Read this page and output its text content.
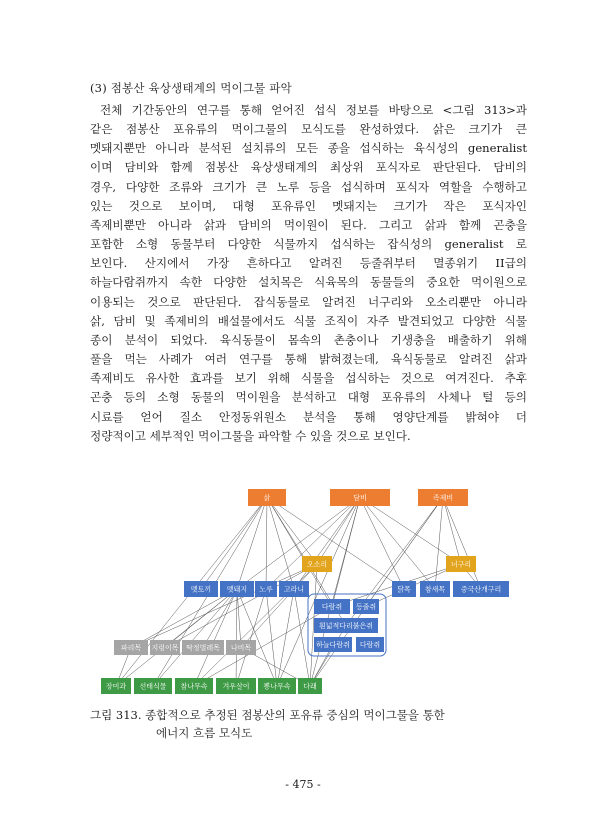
(3) 점봉산 육상생태계의 먹이그물 파악
전체 기간동안의 연구를 통해 얻어진 섭식 정보를 바탕으로 <그림 313>과
같은 점봉산 포유류의 먹이그물의 모식도를 완성하였다. 삵은 크기가 큰
멧돼지뿐만 아니라 분석된 설치류의 모든 종을 섭식하는 육식성의 generalist
이며 담비와 함께 점봉산 육상생태계의 최상위 포식자로 판단된다. 담비의
경우, 다양한 조류와 크기가 큰 노루 등을 섭식하며 포식자 역할을 수행하고
있는 것으로 보이며, 대형 포유류인 멧돼지는 크기가 작은 포식자인
족제비뿐만 아니라 삵과 담비의 먹이원이 된다. 그리고 삵과 함께 곤충을
포함한 소형 동물부터 다양한 식물까지 섭식하는 잡식성의 generalist 로
보인다. 산지에서 가장 흔하다고 알려진 등줄쥐부터 멸종위기 II급의
하늘다람쥐까지 속한 다양한 설치목은 식육목의 동물들의 중요한 먹이원으로
이용되는 것으로 판단된다. 잡식동물로 알려진 너구리와 오소리뿐만 아니라
삵, 담비 및 족제비의 배설물에서도 식물 조직이 자주 발견되었고 다양한 식물
종이 분석이 되었다. 육식동물이 몸속의 촌충이나 기생충을 배출하기 위해
풀을 먹는 사례가 여러 연구를 통해 밝혀졌는데, 육식동물로 알려진 삵과
족제비도 유사한 효과를 보기 위해 식물을 섭식하는 것으로 여겨진다. 추후
곤충 등의 소형 동물의 먹이원을 분석하고 대형 포유류의 사체나 털 등의
시료를 얻어 질소 안정동위원소 분석을 통해 영양단계를 밝혀야 더
정량적이고 세부적인 먹이그물을 파악할 수 있을 것으로 보인다.
삵	담비	족제비
오소리	너구리
멧토끼 멧돼지 노루 고라니	닭목 참새목 중국산개구리
다람쥐 등줄쥐
흰넓적다리붉은쥐
하늘다람쥐 다람쥐
파리목 지렁이목 딱정벌레목 나비목
장미과 선태식물 참나무속 겨우살이 뽕나무속 다래
그림 313. 종합적으로 추정된 점봉산의 포유류 중심의 먹이그물을 통한
에너지 흐름 모식도
- 475 -
